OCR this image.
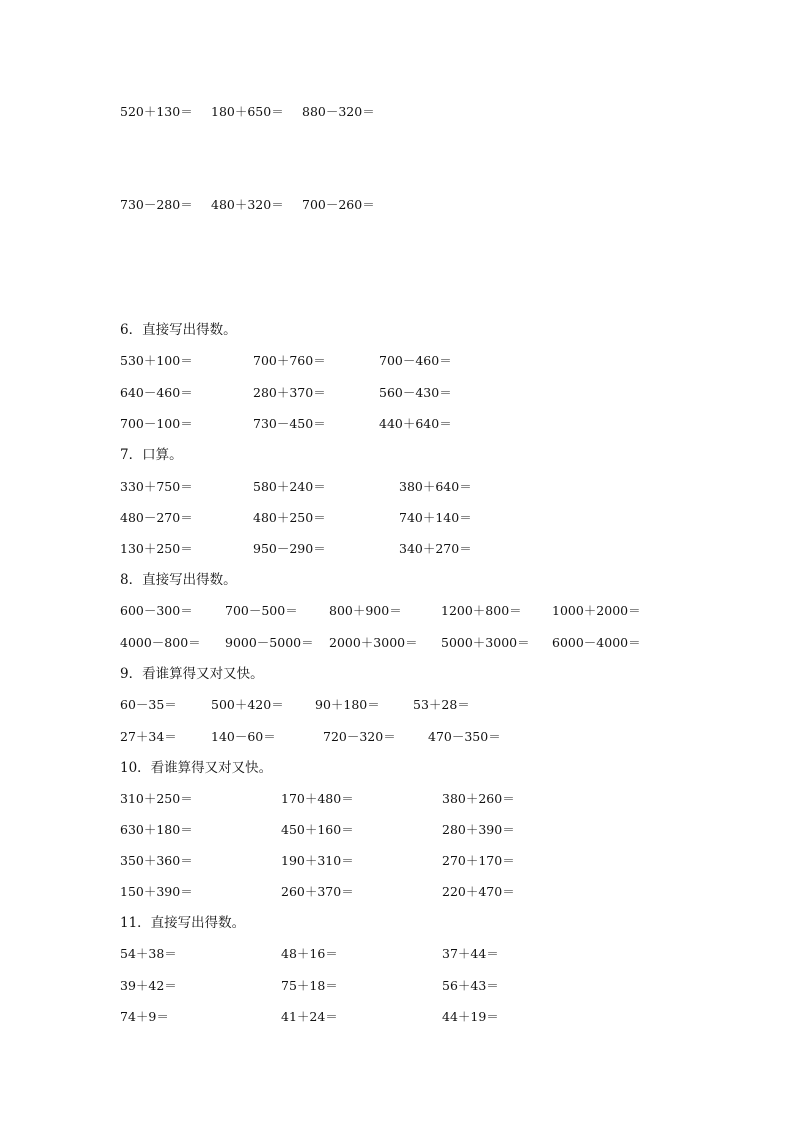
520＋130＝ 180＋650＝ 880－320＝
730－280＝ 480＋320＝ 700－260＝
6．直接写出得数。
530＋100＝	700＋760＝	700－460＝
640－460＝	280＋370＝	560－430＝
700－100＝	730－450＝	440＋640＝
7．口算。
330＋750＝	580＋240＝	380＋640＝
480－270＝	480＋250＝	740＋140＝
130＋250＝	950－290＝	340＋270＝
8．直接写出得数。
600－300＝	700－500＝	800＋900＝	1200＋800＝ 1000＋2000＝
4000－800＝ 9000－5000＝ 2000＋3000＝ 5000＋3000＝ 6000－4000＝
9．看谁算得又对又快。
60－35＝	500＋420＝	90＋180＝	53＋28＝
27＋34＝	140－60＝	720－320＝	470－350＝
10．看谁算得又对又快。
310＋250＝	170＋480＝	380＋260＝
630＋180＝	450＋160＝	280＋390＝
350＋360＝	190＋310＝	270＋170＝
150＋390＝	260＋370＝	220＋470＝
11．直接写出得数。
54＋38＝	48＋16＝	37＋44＝
39＋42＝	75＋18＝	56＋43＝
74＋9＝	41＋24＝	44＋19＝
